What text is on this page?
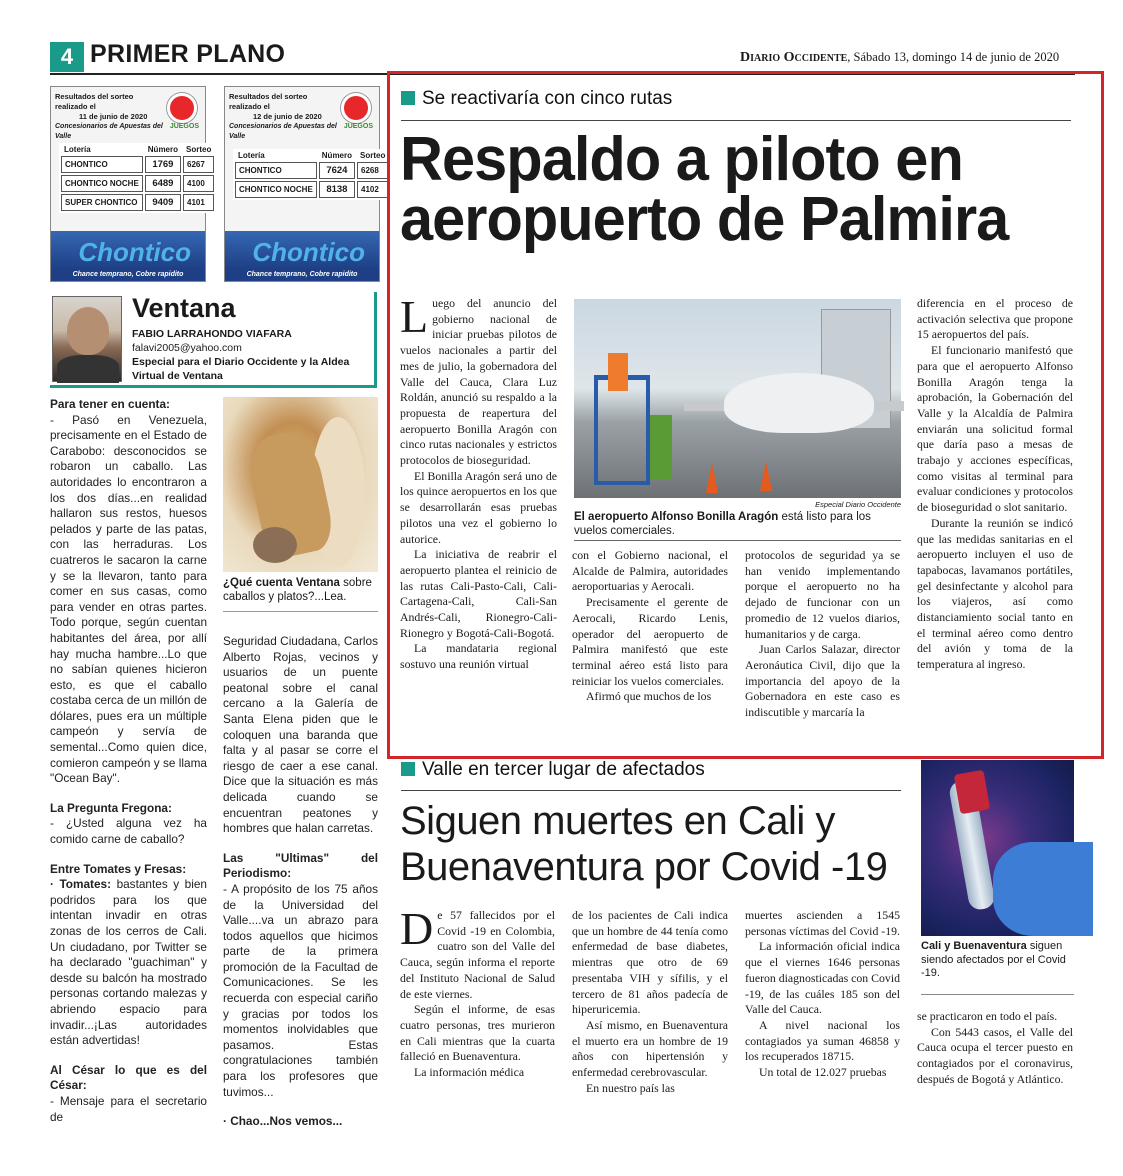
4 PRIMER PLANO	Diario Occidente, Sábado 13, domingo 14 de junio de 2020
Resultados del sorteo realizado el
11 de junio de 2020
Concesionarios de Apuestas del Valle
JUEGOS
Lotería	Número	Sorteo
CHONTICO	1769	6267
CHONTICO NOCHE	6489	4100
SUPER CHONTICO	9409	4101
Chontico
Chance temprano, Cobre rapidito
Resultados del sorteo realizado el
12 de junio de 2020
Concesionarios de Apuestas del Valle
JUEGOS
Lotería	Número	Sorteo
CHONTICO	7624	6268
CHONTICO NOCHE	8138	4102
Chontico
Chance temprano, Cobre rapidito
Ventana
FABIO LARRAHONDO VIAFARA
falavi2005@yahoo.com
Especial para el Diario Occidente y la Aldea Virtual de Ventana
Para tener en cuenta:

- Pasó en Venezuela, precisamente en el Estado de Carabobo: desconocidos se robaron un caballo. Las autoridades lo encontraron a los dos días...en realidad hallaron sus restos, huesos pelados y parte de las patas, con las herraduras. Los cuatreros le sacaron la carne y se la llevaron, tanto para comer en sus casas, como para vender en otras partes. Todo porque, según cuentan habitantes del área, por allí hay mucha hambre...Lo que no sabían quienes hicieron esto, es que el caballo costaba cerca de un millón de dólares, pues era un múltiple campeón y servía de semental...Como quien dice, comieron campeón y se llama "Ocean Bay".

La Pregunta Fregona:

- ¿Usted alguna vez ha comido carne de caballo?

Entre Tomates y Fresas:

· Tomates: bastantes y bien podridos para los que intentan invadir en otras zonas de los cerros de Cali. Un ciudadano, por Twitter se ha declarado "guachiman" y desde su balcón ha mostrado personas cortando malezas y abriendo espacio para invadir...¡Las autoridades están advertidas!

Al César lo que es del César:

- Mensaje para el secretario de

¿Qué cuenta Ventana sobre caballos y platos?...Lea.

Seguridad Ciudadana, Carlos Alberto Rojas, vecinos y usuarios de un puente peatonal sobre el canal cercano a la Galería de Santa Elena piden que le coloquen una baranda que falta y al pasar se corre el riesgo de caer a ese canal. Dice que la situación es más delicada cuando se encuentran peatones y hombres que halan carretas.

Las "Ultimas" del Periodismo:

- A propósito de los 75 años de la Universidad del Valle....va un abrazo para todos aquellos que hicimos parte de la primera promoción de la Facultad de Comunicaciones. Se les recuerda con especial cariño y gracias por todos los momentos inolvidables que pasamos. Estas congratulaciones también para los profesores que tuvimos...

· Chao...Nos vemos...
Se reactivaría con cinco rutas
Respaldo a piloto en aeropuerto de Palmira

Luego del anuncio del gobierno nacional de iniciar pruebas pilotos de vuelos nacionales a partir del mes de julio, la gobernadora del Valle del Cauca, Clara Luz Roldán, anunció su respaldo a la propuesta de reapertura del aeropuerto Bonilla Aragón con cinco rutas nacionales y estrictos protocolos de bioseguridad.

El Bonilla Aragón será uno de los quince aeropuertos en los que se desarrollarán esas pruebas pilotos una vez el gobierno lo autorice.

La iniciativa de reabrir el aeropuerto plantea el reinicio de las rutas Cali-Pasto-Cali, Cali-Cartagena-Cali, Cali-San Andrés-Cali, Rionegro-Cali-Rionegro y Bogotá-Cali-Bogotá.

La mandataria regional sostuvo una reunión virtual

Especial Diario Occidente
El aeropuerto Alfonso Bonilla Aragón está listo para los vuelos comerciales.

con el Gobierno nacional, el Alcalde de Palmira, autoridades aeroportuarias y Aerocali.

Precisamente el gerente de Aerocali, Ricardo Lenis, operador del aeropuerto de Palmira manifestó que este terminal aéreo está listo para reiniciar los vuelos comerciales.

Afirmó que muchos de los

protocolos de seguridad ya se han venido implementando porque el aeropuerto no ha dejado de funcionar con un promedio de 12 vuelos diarios, humanitarios y de carga.

Juan Carlos Salazar, director Aeronáutica Civil, dijo que la importancia del apoyo de la Gobernadora en este caso es indiscutible y marcaría la

diferencia en el proceso de activación selectiva que propone 15 aeropuertos del país.

El funcionario manifestó que para que el aeropuerto Alfonso Bonilla Aragón tenga la aprobación, la Gobernación del Valle y la Alcaldía de Palmira enviarán una solicitud formal que daría paso a mesas de trabajo y acciones específicas, como visitas al terminal para evaluar condiciones y protocolos de bioseguridad o slot sanitario.

Durante la reunión se indicó que las medidas sanitarias en el aeropuerto incluyen el uso de tapabocas, lavamanos portátiles, gel desinfectante y alcohol para los viajeros, así como distanciamiento social tanto en el terminal aéreo como dentro del avión y toma de la temperatura al ingreso.

Valle en tercer lugar de afectados
Siguen muertes en Cali y Buenaventura por Covid -19

De 57 fallecidos por el Covid -19 en Colombia, cuatro son del Valle del Cauca, según informa el reporte del Instituto Nacional de Salud de este viernes.

Según el informe, de esas cuatro personas, tres murieron en Cali mientras que la cuarta falleció en Buenaventura.

La información médica

de los pacientes de Cali indica que un hombre de 44 tenía como enfermedad de base diabetes, mientras que otro de 69 presentaba VIH y sífilis, y el tercero de 81 años padecía de hiperuricemia.

Así mismo, en Buenaventura el muerto era un hombre de 19 años con hipertensión y enfermedad cerebrovascular.

En nuestro país las

muertes ascienden a 1545 personas víctimas del Covid -19.

La información oficial indica que el viernes 1646 personas fueron diagnosticadas con Covid -19, de las cuáles 185 son del Valle del Cauca.

A nivel nacional los contagiados ya suman 46858 y los recuperados 18715.

Un total de 12.027 pruebas

Cali y Buenaventura siguen siendo afectados por el Covid -19.

se practicaron en todo el país.

Con 5443 casos, el Valle del Cauca ocupa el tercer puesto en contagiados por el coronavirus, después de Bogotá y Atlántico.
